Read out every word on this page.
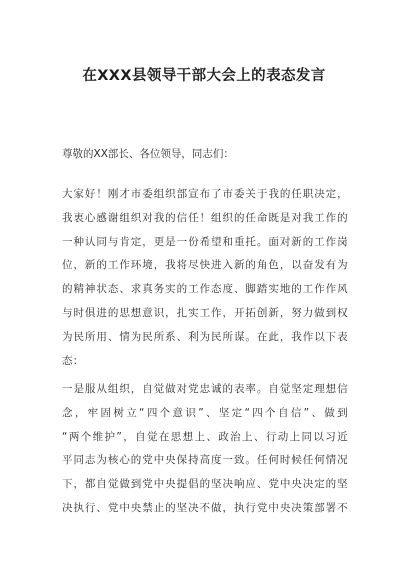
在XXX县领导干部大会上的表态发言
尊敬的XX部长、各位领导，同志们：
大家好！刚才市委组织部宣布了市委关于我的任职决定，
我衷心感谢组织对我的信任！组织的任命既是对我工作的
一种认同与肯定，更是一份希望和重托。面对新的工作岗
位，新的工作环境，我将尽快进入新的角色，以奋发有为
的精神状态、求真务实的工作态度、脚踏实地的工作作风
与时俱进的思想意识，扎实工作，开拓创新，努力做到权
为民所用、情为民所系、利为民所谋。在此，我作以下表
态：
一是服从组织，自觉做对党忠诚的表率。自觉坚定理想信
念，牢固树立“四个意识”、坚定“四个自信”、做到
“两个维护”，自觉在思想上、政治上、行动上同以习近
平同志为核心的党中央保持高度一致。任何时候任何情况
下，都自觉做到党中央提倡的坚决响应、党中央决定的坚
决执行、党中央禁止的坚决不做，执行党中央决策部署不
